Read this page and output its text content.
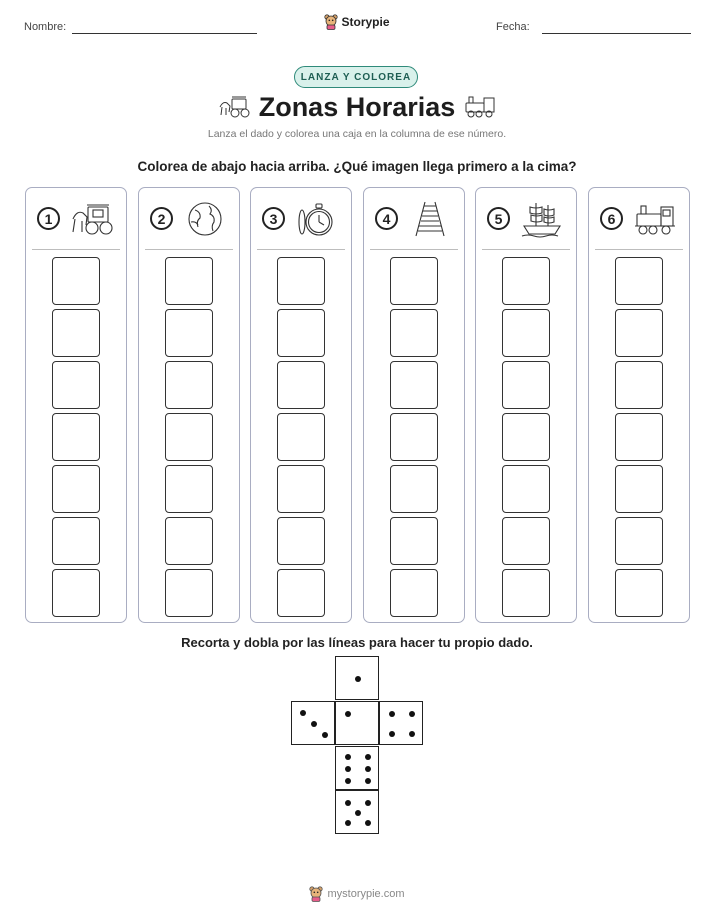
Nombre:	Fecha:
Storypie
LANZA Y COLOREA
Zonas Horarias
Lanza el dado y colorea una caja en la columna de ese número.
Colorea de abajo hacia arriba. ¿Qué imagen llega primero a la cima?
1	2	3	4	5	6
Recorta y dobla por las líneas para hacer tu propio dado.
mystorypie.com
